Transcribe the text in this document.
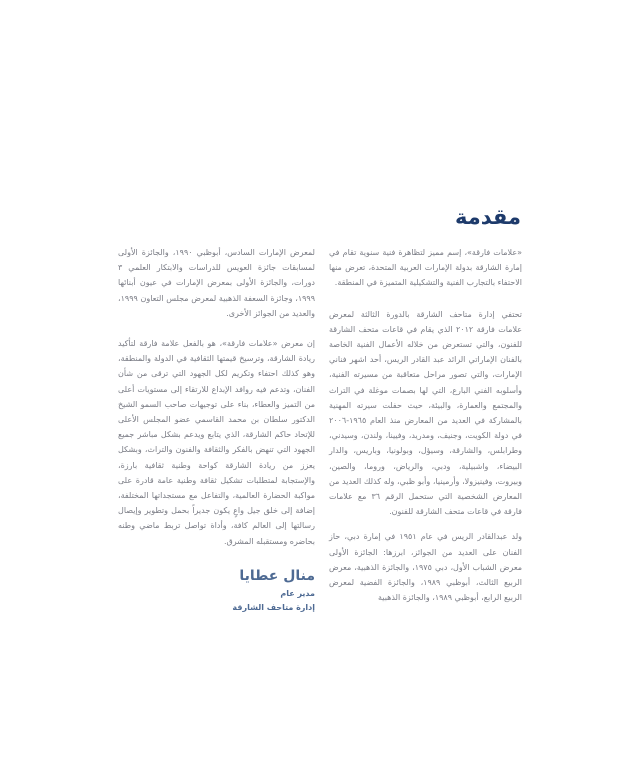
مقدمة

«علامات فارقة»، إسم مميز لتظاهرة فنية سنوية تقام في إمارة الشارقة بدولة الإمارات العربية المتحدة، تعرض منها الاحتفاء بالتجارب الفنية والتشكيلية المتميزة في المنطقة.

تحتفي إدارة متاحف الشارقة بالدورة الثالثة لمعرض علامات فارقة ٢٠١٢ الذي يقام في قاعات متحف الشارقة للفنون، والتي تستعرض من خلاله الأعمال الفنية الخاصة بالفنان الإماراتي الرائد عبد القادر الريس، أحد اشهر فناني الإمارات، والتي تصور مراحل متعاقبة من مسيرته الفنية، وأسلوبه الفني البارع، التي لها بصمات موغلة في التراث والمجتمع والعمارة، والبيئة، حيث حفلت سيرته المهنية بالمشاركة في العديد من المعارض منذ العام ١٩٦٥-٢٠٠٦ في دولة الكويت، وجنيف، ومدريد، وفيينا، ولندن، وسيدني، وطرابلس، والشارقة، وسيؤل، وبولونيا، وباريس، والدار البيضاء، واشبيلية، ودبي، والرياض، وروما، والصين، وبيروت، وفينيزولا، وأرمينيا، وأبو ظبي، وله كذلك العديد من المعارض الشخصية التي ستحمل الرقم ٣٦ مع علامات فارقة في قاعات متحف الشارقة للفنون.

ولد عبدالقادر الريس في عام ١٩٥١ في إمارة دبي، حاز الفنان على العديد من الجوائز، ابرزها: الجائزة الأولى معرض الشباب الأول، دبي ١٩٧٥، والجائزة الذهبية، معرض الربيع الثالث، أبوظبي ١٩٨٩، والجائزة الفضية لمعرض الربيع الرابع، أبوظبي ١٩٨٩، والجائزة الذهبية

لمعرض الإمارات السادس، أبوظبي ١٩٩٠، والجائزة الأولى لمسابقات جائزة العويس للدراسات والابتكار العلمي ٣ دورات، والجائزة الأولى بمعرض الإمارات في عيون أبنائها ١٩٩٩، وجائزة السعفة الذهبية لمعرض مجلس التعاون ١٩٩٩، والعديد من الجوائز الأخرى.

إن معرض «علامات فارقة»، هو بالفعل علامة فارقة لتأكيد ريادة الشارقة، وترسيخ قيمتها الثقافية في الدولة والمنطقة، وهو كذلك احتفاء وتكريم لكل الجهود التي ترقى من شأن الفنان، وتدعم فيه روافد الإبداع للارتقاء إلى مستويات أعلى من التميز والعطاء، بناء على توجيهات صاحب السمو الشيخ الدكتور سلطان بن محمد القاسمي عضو المجلس الأعلى للإتحاد حاكم الشارقة، الذي يتابع ويدعم بشكل مباشر جميع الجهود التي تنهض بالفكر والثقافة والفنون والتراث، وبشكل يعزز من ريادة الشارقة كواحة وطنية ثقافية بارزة، والإستجابة لمتطلبات تشكيل ثقافة وطنية عامة قادرة على مواكبة الحضارة العالمية، والتفاعل مع مستجداتها المختلفة، إضافة إلى خلق جيل واعٍ يكون جديراً بحمل وتطوير وإيصال رسالتها إلى العالم كافة، وأداة تواصل تربط ماضي وطنه بحاضره ومستقبله المشرق.

منال عطايا
مدير عام
إدارة متاحف الشارقة
